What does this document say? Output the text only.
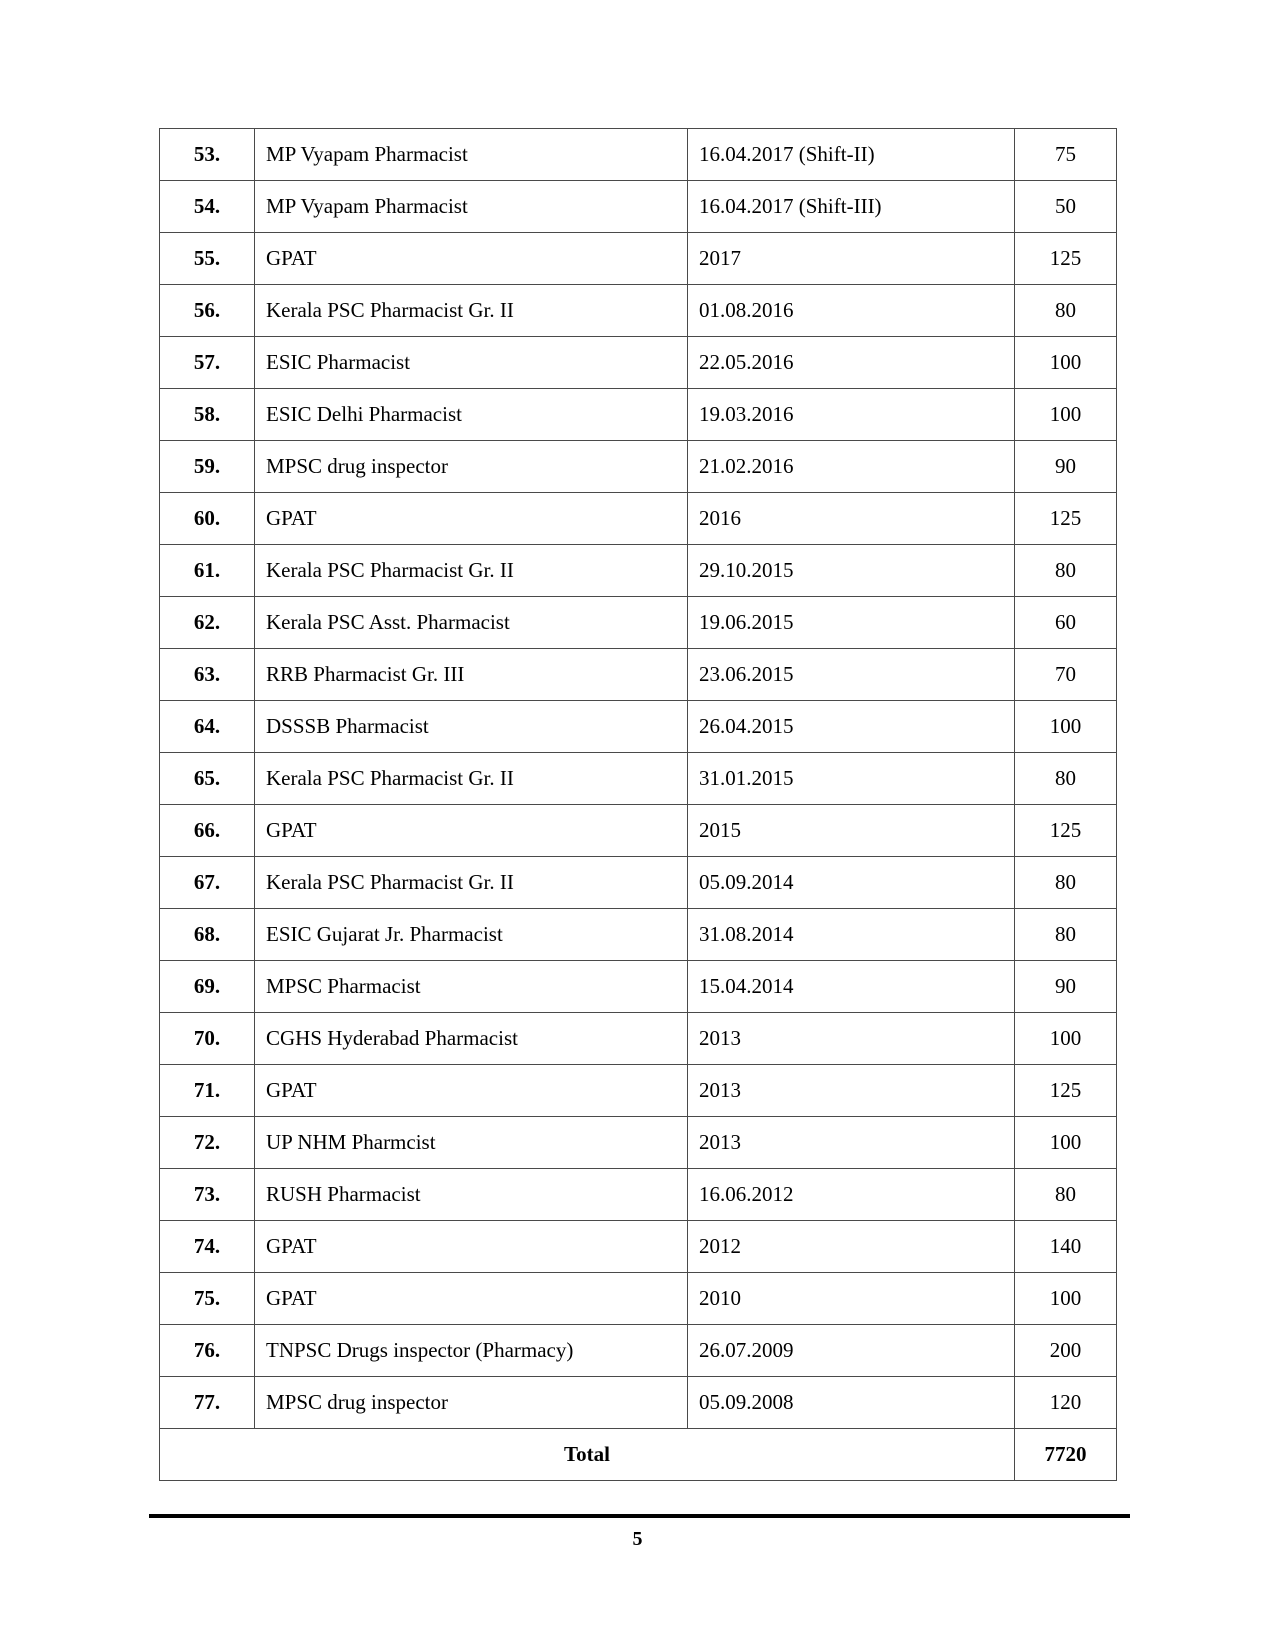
53.	MP Vyapam Pharmacist	16.04.2017 (Shift-II)	75
54.	MP Vyapam Pharmacist	16.04.2017 (Shift-III)	50
55.	GPAT	2017	125
56.	Kerala PSC Pharmacist Gr. II	01.08.2016	80
57.	ESIC Pharmacist	22.05.2016	100
58.	ESIC Delhi Pharmacist	19.03.2016	100
59.	MPSC drug inspector	21.02.2016	90
60.	GPAT	2016	125
61.	Kerala PSC Pharmacist Gr. II	29.10.2015	80
62.	Kerala PSC Asst. Pharmacist	19.06.2015	60
63.	RRB Pharmacist Gr. III	23.06.2015	70
64.	DSSSB Pharmacist	26.04.2015	100
65.	Kerala PSC Pharmacist Gr. II	31.01.2015	80
66.	GPAT	2015	125
67.	Kerala PSC Pharmacist Gr. II	05.09.2014	80
68.	ESIC Gujarat Jr. Pharmacist	31.08.2014	80
69.	MPSC Pharmacist	15.04.2014	90
70.	CGHS Hyderabad Pharmacist	2013	100
71.	GPAT	2013	125
72.	UP NHM Pharmcist	2013	100
73.	RUSH Pharmacist	16.06.2012	80
74.	GPAT	2012	140
75.	GPAT	2010	100
76.	TNPSC Drugs inspector (Pharmacy)	26.07.2009	200
77.	MPSC drug inspector	05.09.2008	120
Total			7720
5
